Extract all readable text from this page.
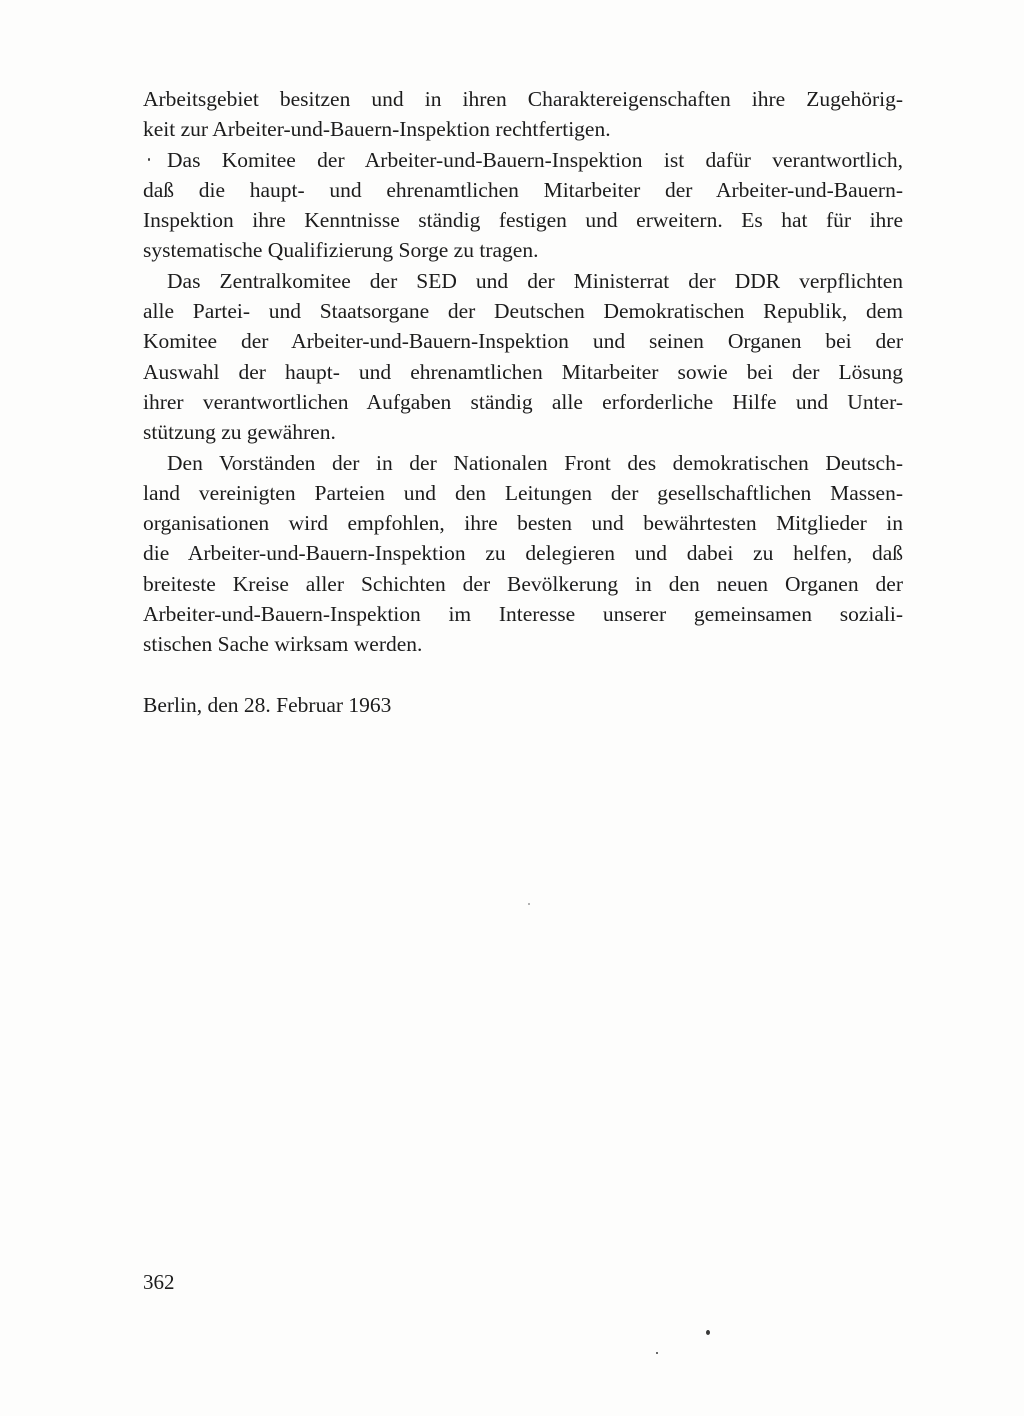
Arbeitsgebiet besitzen und in ihren Charaktereigenschaften ihre Zugehörig-
keit zur Arbeiter-und-Bauern-Inspektion rechtfertigen.

Das Komitee der Arbeiter-und-Bauern-Inspektion ist dafür verantwortlich,
daß die haupt- und ehrenamtlichen Mitarbeiter der Arbeiter-und-Bauern-
Inspektion ihre Kenntnisse ständig festigen und erweitern. Es hat für ihre
systematische Qualifizierung Sorge zu tragen.

Das Zentralkomitee der SED und der Ministerrat der DDR verpflichten
alle Partei- und Staatsorgane der Deutschen Demokratischen Republik, dem
Komitee der Arbeiter-und-Bauern-Inspektion und seinen Organen bei der
Auswahl der haupt- und ehrenamtlichen Mitarbeiter sowie bei der Lösung
ihrer verantwortlichen Aufgaben ständig alle erforderliche Hilfe und Unter-
stützung zu gewähren.

Den Vorständen der in der Nationalen Front des demokratischen Deutsch-
land vereinigten Parteien und den Leitungen der gesellschaftlichen Massen-
organisationen wird empfohlen, ihre besten und bewährtesten Mitglieder in
die Arbeiter-und-Bauern-Inspektion zu delegieren und dabei zu helfen, daß
breiteste Kreise aller Schichten der Bevölkerung in den neuen Organen der
Arbeiter-und-Bauern-Inspektion im Interesse unserer gemeinsamen soziali-
stischen Sache wirksam werden.

Berlin, den 28. Februar 1963
362
